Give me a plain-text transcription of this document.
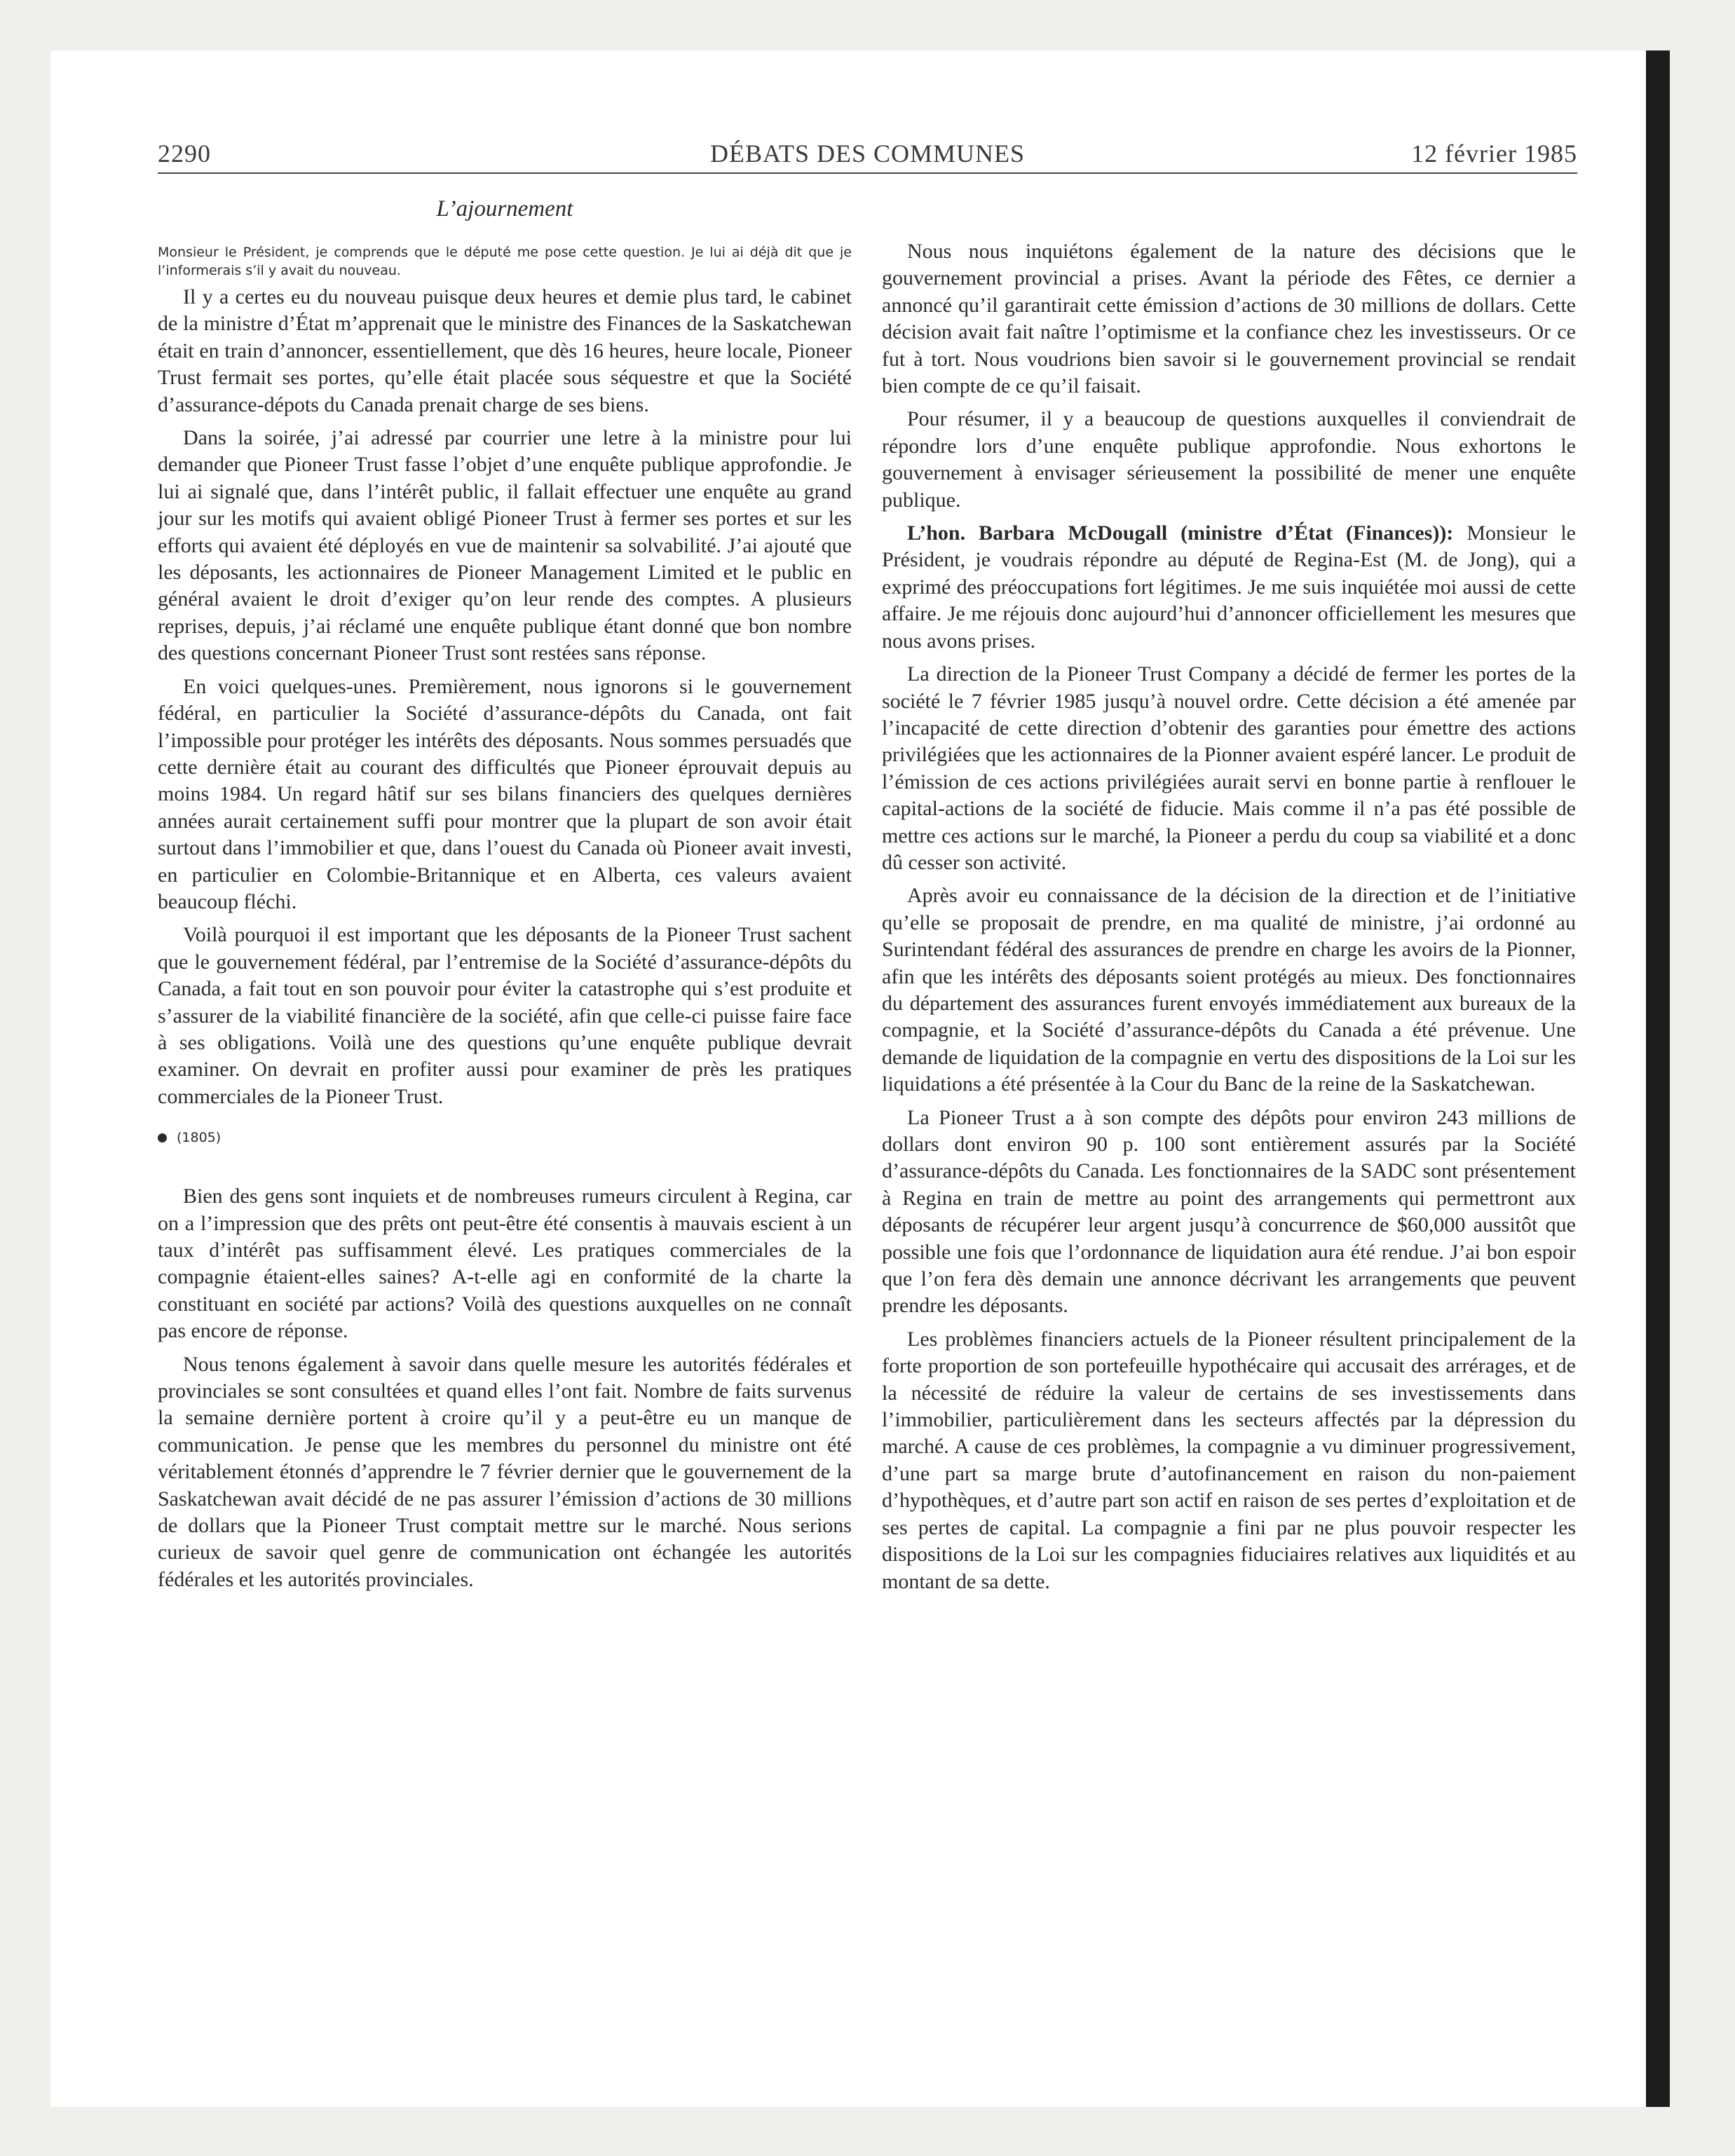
2290	DÉBATS DES COMMUNES	12 février 1985
L’ajournement
Monsieur le Président, je comprends que le député me pose cette question. Je lui ai déjà dit que je l’informerais s’il y avait du nouveau.

Il y a certes eu du nouveau puisque deux heures et demie plus tard, le cabinet de la ministre d’État m’apprenait que le ministre des Finances de la Saskatchewan était en train d’annoncer, essentiellement, que dès 16 heures, heure locale, Pioneer Trust fermait ses portes, qu’elle était placée sous séquestre et que la Société d’assurance-dépots du Canada prenait charge de ses biens.

Dans la soirée, j’ai adressé par courrier une letre à la ministre pour lui demander que Pioneer Trust fasse l’objet d’une enquête publique approfondie. Je lui ai signalé que, dans l’intérêt public, il fallait effectuer une enquête au grand jour sur les motifs qui avaient obligé Pioneer Trust à fermer ses portes et sur les efforts qui avaient été déployés en vue de maintenir sa solvabilité. J’ai ajouté que les déposants, les actionnaires de Pioneer Management Limited et le public en général avaient le droit d’exiger qu’on leur rende des comptes. A plusieurs reprises, depuis, j’ai réclamé une enquête publique étant donné que bon nombre des questions concernant Pioneer Trust sont restées sans réponse.

En voici quelques-unes. Premièrement, nous ignorons si le gouvernement fédéral, en particulier la Société d’assurance-dépôts du Canada, ont fait l’impossible pour protéger les intérêts des déposants. Nous sommes persuadés que cette dernière était au courant des difficultés que Pioneer éprouvait depuis au moins 1984. Un regard hâtif sur ses bilans financiers des quelques dernières années aurait certainement suffi pour montrer que la plupart de son avoir était surtout dans l’immobilier et que, dans l’ouest du Canada où Pioneer avait investi, en particulier en Colombie-Britannique et en Alberta, ces valeurs avaient beaucoup fléchi.

Voilà pourquoi il est important que les déposants de la Pioneer Trust sachent que le gouvernement fédéral, par l’entremise de la Société d’assurance-dépôts du Canada, a fait tout en son pouvoir pour éviter la catastrophe qui s’est produite et s’assurer de la viabilité financière de la société, afin que celle-ci puisse faire face à ses obligations. Voilà une des questions qu’une enquête publique devrait examiner. On devrait en profiter aussi pour examiner de près les pratiques commerciales de la Pioneer Trust.

(1805)

Bien des gens sont inquiets et de nombreuses rumeurs circulent à Regina, car on a l’impression que des prêts ont peut-être été consentis à mauvais escient à un taux d’intérêt pas suffisamment élevé. Les pratiques commerciales de la compagnie étaient-elles saines? A-t-elle agi en conformité de la charte la constituant en société par actions? Voilà des questions auxquelles on ne connaît pas encore de réponse.

Nous tenons également à savoir dans quelle mesure les autorités fédérales et provinciales se sont consultées et quand elles l’ont fait. Nombre de faits survenus la semaine dernière portent à croire qu’il y a peut-être eu un manque de communication. Je pense que les membres du personnel du ministre ont été véritablement étonnés d’apprendre le 7 février dernier que le gouvernement de la Saskatchewan avait décidé de ne pas assurer l’émission d’actions de 30 millions de dollars que la Pioneer Trust comptait mettre sur le marché. Nous serions curieux de savoir quel genre de communication ont échangée les autorités fédérales et les autorités provinciales.

Nous nous inquiétons également de la nature des décisions que le gouvernement provincial a prises. Avant la période des Fêtes, ce dernier a annoncé qu’il garantirait cette émission d’actions de 30 millions de dollars. Cette décision avait fait naître l’optimisme et la confiance chez les investisseurs. Or ce fut à tort. Nous voudrions bien savoir si le gouvernement provincial se rendait bien compte de ce qu’il faisait.

Pour résumer, il y a beaucoup de questions auxquelles il conviendrait de répondre lors d’une enquête publique approfondie. Nous exhortons le gouvernement à envisager sérieusement la possibilité de mener une enquête publique.

L’hon. Barbara McDougall (ministre d’État (Finances)): Monsieur le Président, je voudrais répondre au député de Regina-Est (M. de Jong), qui a exprimé des préoccupations fort légitimes. Je me suis inquiétée moi aussi de cette affaire. Je me réjouis donc aujourd’hui d’annoncer officiellement les mesures que nous avons prises.

La direction de la Pioneer Trust Company a décidé de fermer les portes de la société le 7 février 1985 jusqu’à nouvel ordre. Cette décision a été amenée par l’incapacité de cette direction d’obtenir des garanties pour émettre des actions privilégiées que les actionnaires de la Pionner avaient espéré lancer. Le produit de l’émission de ces actions privilégiées aurait servi en bonne partie à renflouer le capital-actions de la société de fiducie. Mais comme il n’a pas été possible de mettre ces actions sur le marché, la Pioneer a perdu du coup sa viabilité et a donc dû cesser son activité.

Après avoir eu connaissance de la décision de la direction et de l’initiative qu’elle se proposait de prendre, en ma qualité de ministre, j’ai ordonné au Surintendant fédéral des assurances de prendre en charge les avoirs de la Pionner, afin que les intérêts des déposants soient protégés au mieux. Des fonctionnaires du département des assurances furent envoyés immédiatement aux bureaux de la compagnie, et la Société d’assurance-dépôts du Canada a été prévenue. Une demande de liquidation de la compagnie en vertu des dispositions de la Loi sur les liquidations a été présentée à la Cour du Banc de la reine de la Saskatchewan.

La Pioneer Trust a à son compte des dépôts pour environ 243 millions de dollars dont environ 90 p. 100 sont entièrement assurés par la Société d’assurance-dépôts du Canada. Les fonctionnaires de la SADC sont présentement à Regina en train de mettre au point des arrangements qui permettront aux déposants de récupérer leur argent jusqu’à concurrence de $60,000 aussitôt que possible une fois que l’ordonnance de liquidation aura été rendue. J’ai bon espoir que l’on fera dès demain une annonce décrivant les arrangements que peuvent prendre les déposants.

Les problèmes financiers actuels de la Pioneer résultent principalement de la forte proportion de son portefeuille hypothécaire qui accusait des arrérages, et de la nécessité de réduire la valeur de certains de ses investissements dans l’immobilier, particulièrement dans les secteurs affectés par la dépression du marché. A cause de ces problèmes, la compagnie a vu diminuer progressivement, d’une part sa marge brute d’autofinancement en raison du non-paiement d’hypothèques, et d’autre part son actif en raison de ses pertes d’exploitation et de ses pertes de capital. La compagnie a fini par ne plus pouvoir respecter les dispositions de la Loi sur les compagnies fiduciaires relatives aux liquidités et au montant de sa dette.
